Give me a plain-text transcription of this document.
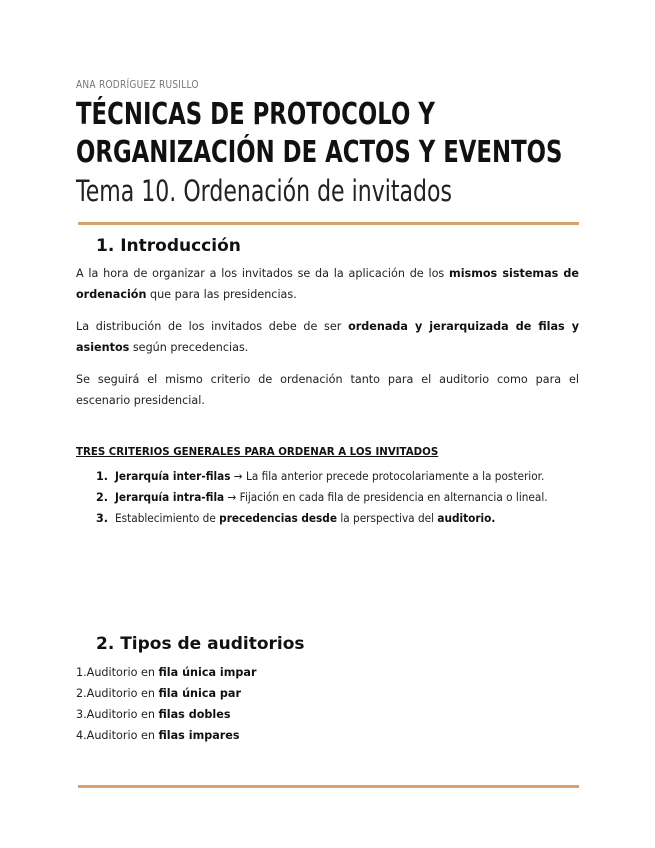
ANA RODRÍGUEZ RUSILLO
TÉCNICAS DE PROTOCOLO Y ORGANIZACIÓN DE ACTOS Y EVENTOS
Tema 10. Ordenación de invitados
1. Introducción
A la hora de organizar a los invitados se da la aplicación de los mismos sistemas de ordenación que para las presidencias.
La distribución de los invitados debe de ser ordenada y jerarquizada de filas y asientos según precedencias.
Se seguirá el mismo criterio de ordenación tanto para el auditorio como para el escenario presidencial.
TRES CRITERIOS GENERALES PARA ORDENAR A LOS INVITADOS
1. Jerarquía inter-filas → La fila anterior precede protocolariamente a la posterior.
2. Jerarquía intra-fila → Fijación en cada fila de presidencia en alternancia o lineal.
3. Establecimiento de precedencias desde la perspectiva del auditorio.
2. Tipos de auditorios
1.Auditorio en fila única impar
2.Auditorio en fila única par
3.Auditorio en filas dobles
4.Auditorio en filas impares
